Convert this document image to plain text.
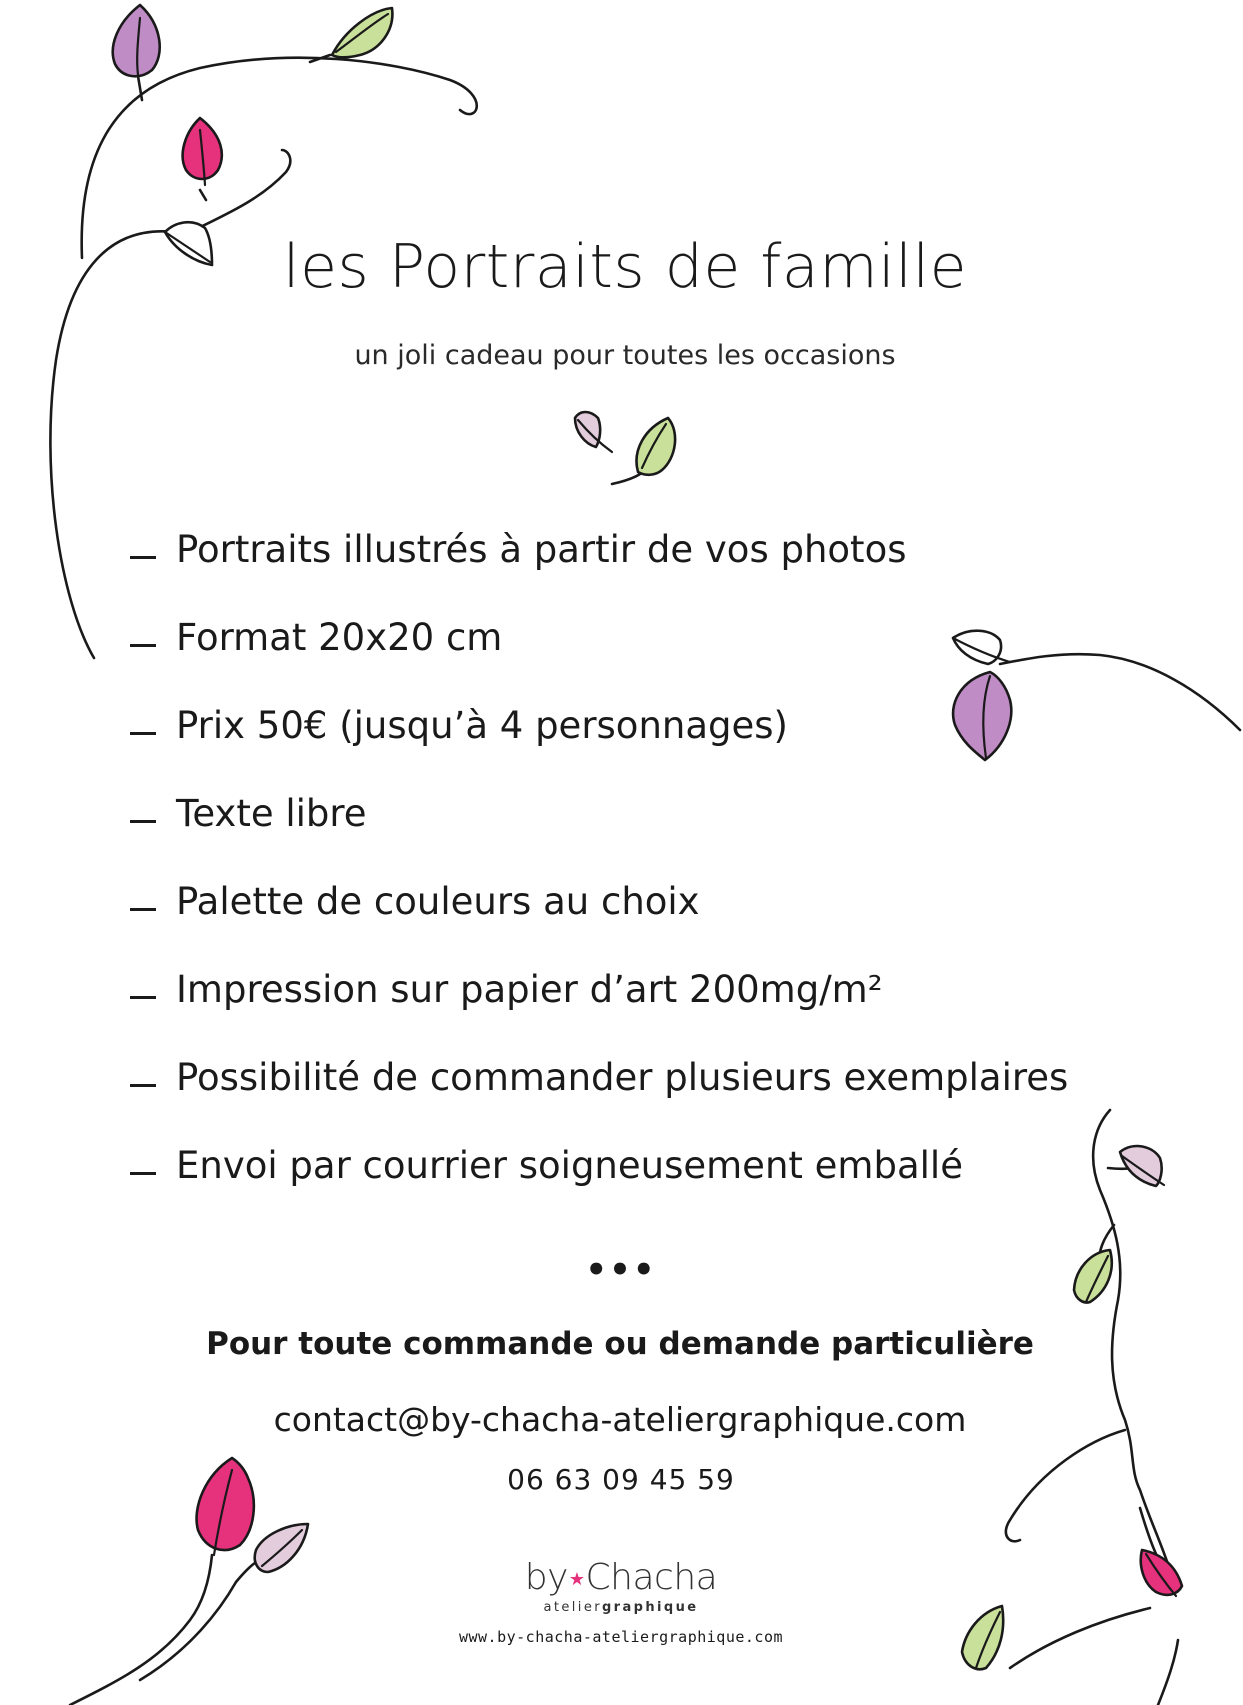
les Portraits de famille

un joli cadeau pour toutes les occasions

Portraits illustrés à partir de vos photos
Format 20x20 cm
Prix 50€ (jusqu’à 4 personnages)
Texte libre
Palette de couleurs au choix
Impression sur papier d’art 200mg/m²
Possibilité de commander plusieurs exemplaires
Envoi par courrier soigneusement emballé

•••

Pour toute commande ou demande particulière

contact@by-chacha-ateliergraphique.com

06 63 09 45 59

by★Chacha
ateliergraphique
www.by-chacha-ateliergraphique.com
